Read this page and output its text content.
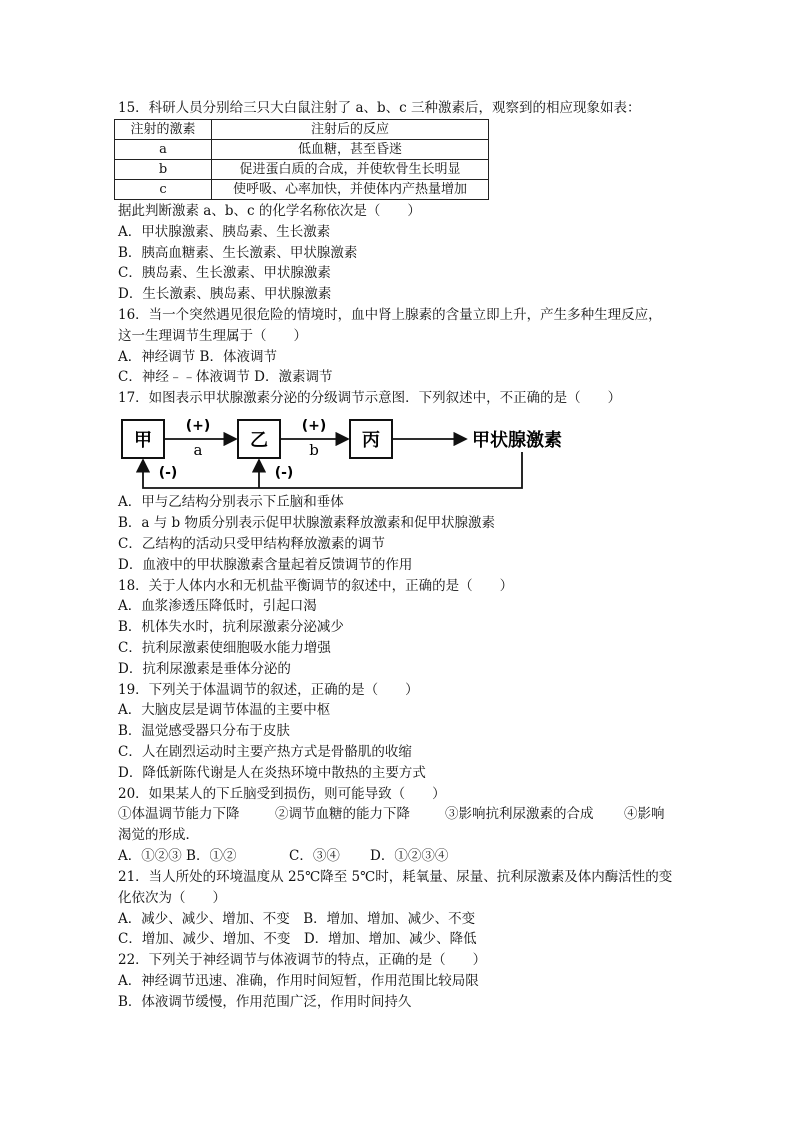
15．科研人员分别给三只大白鼠注射了 a、b、c 三种激素后，观察到的相应现象如表：
注射的激素	注射后的反应
a	低血糖，甚至昏迷
b	促进蛋白质的合成，并使软骨生长明显
c	使呼吸、心率加快，并使体内产热量增加
据此判断激素 a、b、c 的化学名称依次是（　　）
A．甲状腺激素、胰岛素、生长激素
B．胰高血糖素、生长激素、甲状腺激素
C．胰岛素、生长激素、甲状腺激素
D．生长激素、胰岛素、甲状腺激素
16．当一个突然遇见很危险的情境时，血中肾上腺素的含量立即上升，产生多种生理反应，
这一生理调节生理属于（　　）
A．神经调节 B．体液调节
C．神经﹣﹣体液调节 D．激素调节
17．如图表示甲状腺激素分泌的分级调节示意图．下列叙述中，不正确的是（　　）
甲	乙	丙
(+)
a
(+)
b	甲状腺激素
(-)	(-)
A．甲与乙结构分别表示下丘脑和垂体
B．a 与 b 物质分别表示促甲状腺激素释放激素和促甲状腺激素
C．乙结构的活动只受甲结构释放激素的调节
D．血液中的甲状腺激素含量起着反馈调节的作用
18．关于人体内水和无机盐平衡调节的叙述中，正确的是（　　）
A．血浆渗透压降低时，引起口渴
B．机体失水时，抗利尿激素分泌减少
C．抗利尿激素使细胞吸水能力增强
D．抗利尿激素是垂体分泌的
19．下列关于体温调节的叙述，正确的是（　　）
A．大脑皮层是调节体温的主要中枢
B．温觉感受器只分布于皮肤
C．人在剧烈运动时主要产热方式是骨骼肌的收缩
D．降低新陈代谢是人在炎热环境中散热的主要方式
20．如果某人的下丘脑受到损伤，则可能导致（　　）
①体温调节能力下降	②调节血糖的能力下降	③影响抗利尿激素的合成 ④影响
渴觉的形成．
A．①②③ B．①②	C．③④ D．①②③④
21．当人所处的环境温度从 25℃降至 5℃时，耗氧量、尿量、抗利尿激素及体内酶活性的变
化依次为（　　）
A．减少、减少、增加、不变　B．增加、增加、减少、不变
C．增加、减少、增加、不变　D．增加、增加、减少、降低
22．下列关于神经调节与体液调节的特点，正确的是（　　）
A．神经调节迅速、准确，作用时间短暂，作用范围比较局限
B．体液调节缓慢，作用范围广泛，作用时间持久
